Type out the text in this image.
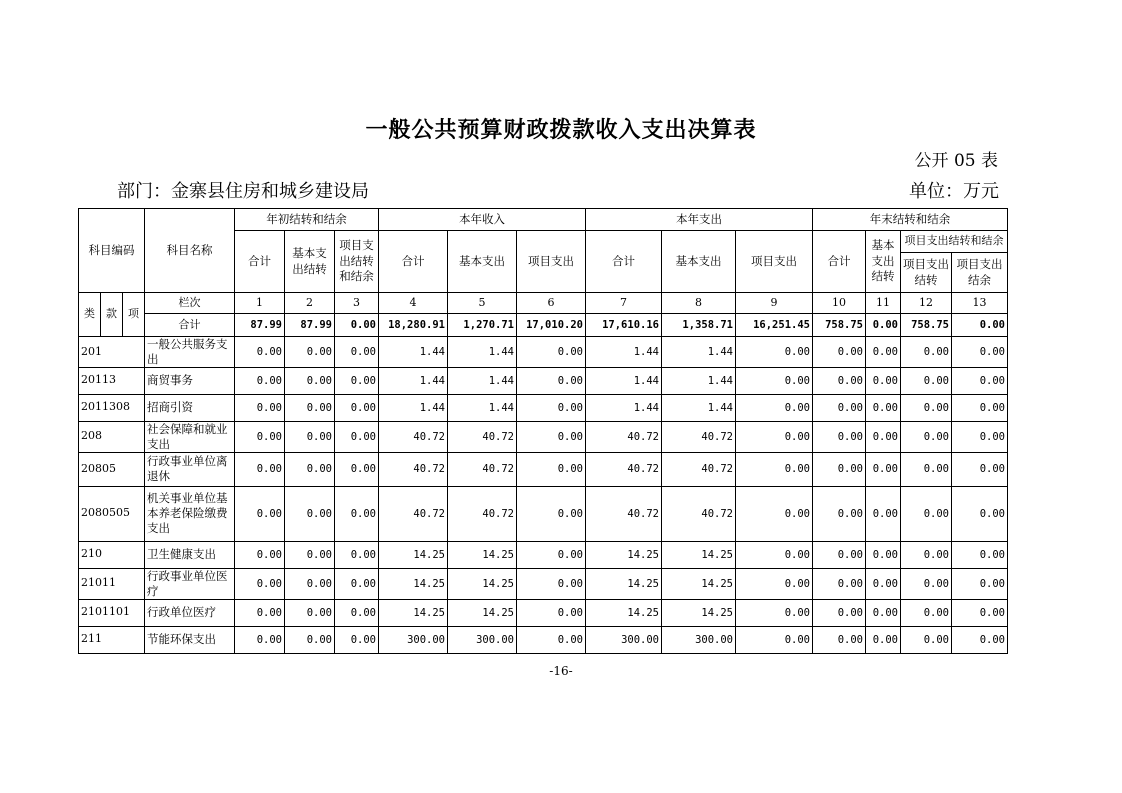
一般公共预算财政拨款收入支出决算表
公开 05 表
部门：金寨县住房和城乡建设局	单位：万元
科目编码			科目名称	年初结转和结余			本年收入			本年支出			年末结转和结余			
				合计	基本支出结转	项目支出结转和结余	合计	基本支出	项目支出	合计	基本支出	项目支出	合计	基本支出结转	项目支出结转和结余	
															项目支出结转	项目支出结余
类	款	项	栏次	1	2	3	4	5	6	7	8	9	10	11	12	13
			合计	87.99	87.99	0.00	18,280.91	1,270.71	17,010.20	17,610.16	1,358.71	16,251.45	758.75	0.00	758.75	0.00
201			一般公共服务支出	0.00	0.00	0.00	1.44	1.44	0.00	1.44	1.44	0.00	0.00	0.00	0.00	0.00
20113			商贸事务	0.00	0.00	0.00	1.44	1.44	0.00	1.44	1.44	0.00	0.00	0.00	0.00	0.00
2011308			招商引资	0.00	0.00	0.00	1.44	1.44	0.00	1.44	1.44	0.00	0.00	0.00	0.00	0.00
208			社会保障和就业支出	0.00	0.00	0.00	40.72	40.72	0.00	40.72	40.72	0.00	0.00	0.00	0.00	0.00
20805			行政事业单位离退休	0.00	0.00	0.00	40.72	40.72	0.00	40.72	40.72	0.00	0.00	0.00	0.00	0.00
2080505			机关事业单位基本养老保险缴费支出	0.00	0.00	0.00	40.72	40.72	0.00	40.72	40.72	0.00	0.00	0.00	0.00	0.00
210			卫生健康支出	0.00	0.00	0.00	14.25	14.25	0.00	14.25	14.25	0.00	0.00	0.00	0.00	0.00
21011			行政事业单位医疗	0.00	0.00	0.00	14.25	14.25	0.00	14.25	14.25	0.00	0.00	0.00	0.00	0.00
2101101			行政单位医疗	0.00	0.00	0.00	14.25	14.25	0.00	14.25	14.25	0.00	0.00	0.00	0.00	0.00
211			节能环保支出	0.00	0.00	0.00	300.00	300.00	0.00	300.00	300.00	0.00	0.00	0.00	0.00	0.00
-16-
